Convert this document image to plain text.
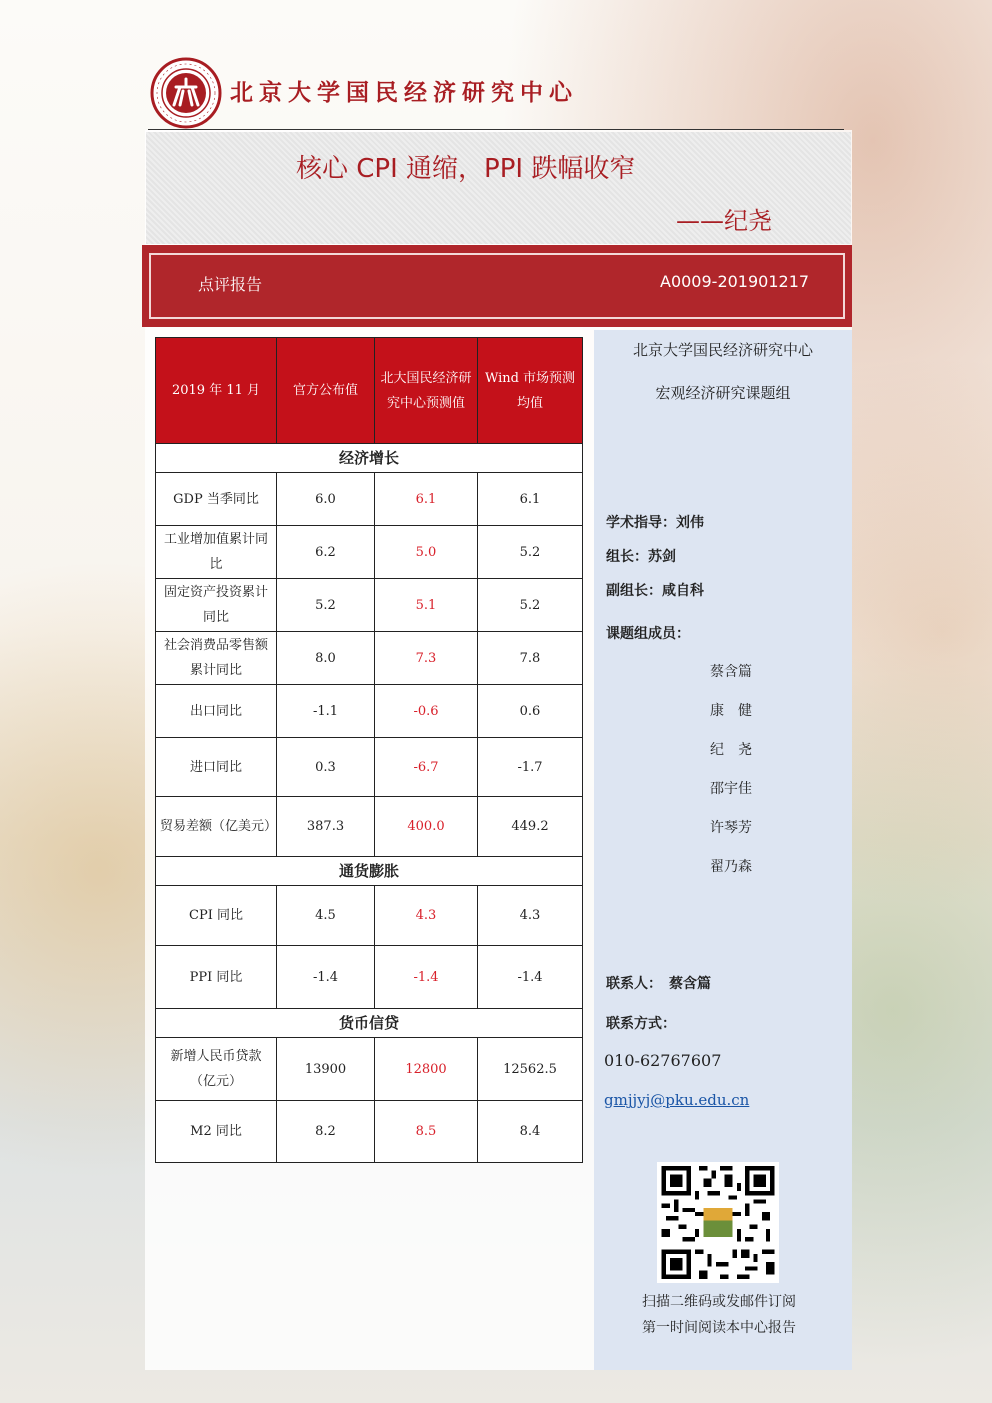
北京大学国民经济研究中心
核心 CPI 通缩，PPI 跌幅收窄
——纪尧
点评报告	A0009-201901217
2019 年 11 月	官方公布值	北大国民经济研究中心预测值	Wind 市场预测均值
经济增长			
GDP 当季同比	6.0	6.1	6.1
工业增加值累计同比	6.2	5.0	5.2
固定资产投资累计同比	5.2	5.1	5.2
社会消费品零售额累计同比	8.0	7.3	7.8
出口同比	-1.1	-0.6	0.6
进口同比	0.3	-6.7	-1.7
贸易差额（亿美元）	387.3	400.0	449.2
通货膨胀			
CPI 同比	4.5	4.3	4.3
PPI 同比	-1.4	-1.4	-1.4
货币信贷			
新增人民币贷款（亿元）	13900	12800	12562.5
M2 同比	8.2	8.5	8.4
北京大学国民经济研究中心
宏观经济研究课题组
学术指导：刘伟
组长：苏剑
副组长：咸自科
课题组成员：
蔡含篇
康　健
纪　尧
邵宇佳
许琴芳
翟乃森
联系人：　蔡含篇
联系方式：
010-62767607
gmjjyj@pku.edu.cn
扫描二维码或发邮件订阅
第一时间阅读本中心报告
